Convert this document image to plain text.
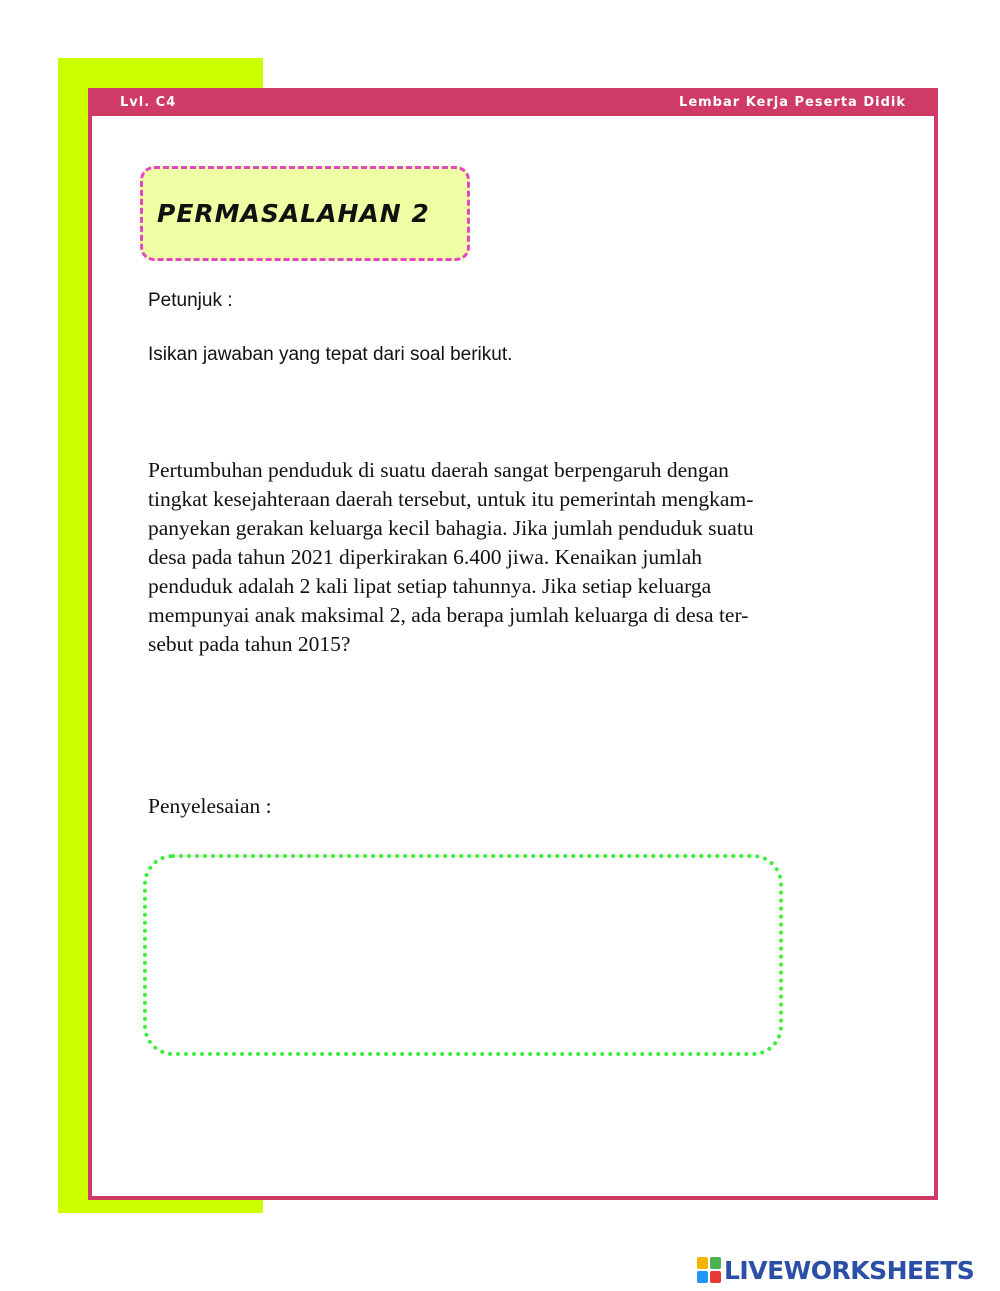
Lvl. C4	Lembar Kerja Peserta Didik
PERMASALAHAN 2
Petunjuk :
Isikan jawaban yang tepat dari soal berikut.

Pertumbuhan penduduk di suatu daerah sangat berpengaruh dengan
tingkat kesejahteraan daerah tersebut, untuk itu pemerintah mengkam-
panyekan gerakan keluarga kecil bahagia. Jika jumlah penduduk suatu
desa pada tahun 2021 diperkirakan 6.400 jiwa. Kenaikan jumlah
penduduk adalah 2 kali lipat setiap tahunnya. Jika setiap keluarga
mempunyai anak maksimal 2, ada berapa jumlah keluarga di desa ter-
sebut pada tahun 2015?

Penyelesaian :
LIVEWORKSHEETS
